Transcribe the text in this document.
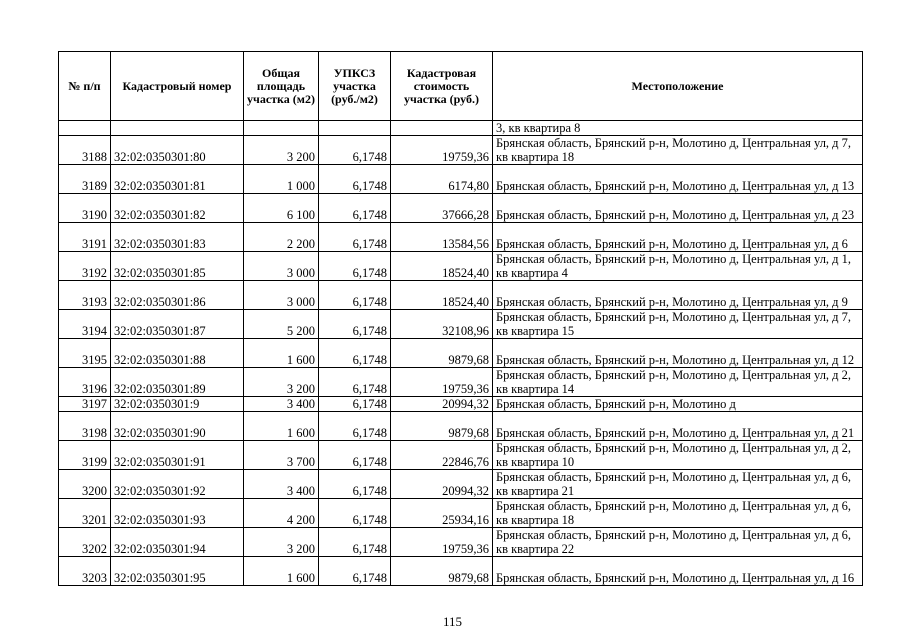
№ п/п	Кадастровый номер	Общая площадь участка (м2)	УПКСЗ участка (руб./м2)	Кадастровая стоимость участка (руб.)	Местоположение
					3, кв квартира 8
3188	32:02:0350301:80	3 200	6,1748	19759,36	Брянская область, Брянский р-н, Молотино д, Центральная ул, д 7, кв квартира 18
3189	32:02:0350301:81	1 000	6,1748	6174,80	Брянская область, Брянский р-н, Молотино д, Центральная ул, д 13
3190	32:02:0350301:82	6 100	6,1748	37666,28	Брянская область, Брянский р-н, Молотино д, Центральная ул, д 23
3191	32:02:0350301:83	2 200	6,1748	13584,56	Брянская область, Брянский р-н, Молотино д, Центральная ул, д 6
3192	32:02:0350301:85	3 000	6,1748	18524,40	Брянская область, Брянский р-н, Молотино д, Центральная ул, д 1, кв квартира 4
3193	32:02:0350301:86	3 000	6,1748	18524,40	Брянская область, Брянский р-н, Молотино д, Центральная ул, д 9
3194	32:02:0350301:87	5 200	6,1748	32108,96	Брянская область, Брянский р-н, Молотино д, Центральная ул, д 7, кв квартира 15
3195	32:02:0350301:88	1 600	6,1748	9879,68	Брянская область, Брянский р-н, Молотино д, Центральная ул, д 12
3196	32:02:0350301:89	3 200	6,1748	19759,36	Брянская область, Брянский р-н, Молотино д, Центральная ул, д 2, кв квартира 14
3197	32:02:0350301:9	3 400	6,1748	20994,32	Брянская область, Брянский р-н, Молотино д
3198	32:02:0350301:90	1 600	6,1748	9879,68	Брянская область, Брянский р-н, Молотино д, Центральная ул, д 21
3199	32:02:0350301:91	3 700	6,1748	22846,76	Брянская область, Брянский р-н, Молотино д, Центральная ул, д 2, кв квартира 10
3200	32:02:0350301:92	3 400	6,1748	20994,32	Брянская область, Брянский р-н, Молотино д, Центральная ул, д 6, кв квартира 21
3201	32:02:0350301:93	4 200	6,1748	25934,16	Брянская область, Брянский р-н, Молотино д, Центральная ул, д 6, кв квартира 18
3202	32:02:0350301:94	3 200	6,1748	19759,36	Брянская область, Брянский р-н, Молотино д, Центральная ул, д 6, кв квартира 22
3203	32:02:0350301:95	1 600	6,1748	9879,68	Брянская область, Брянский р-н, Молотино д, Центральная ул, д 16
115
